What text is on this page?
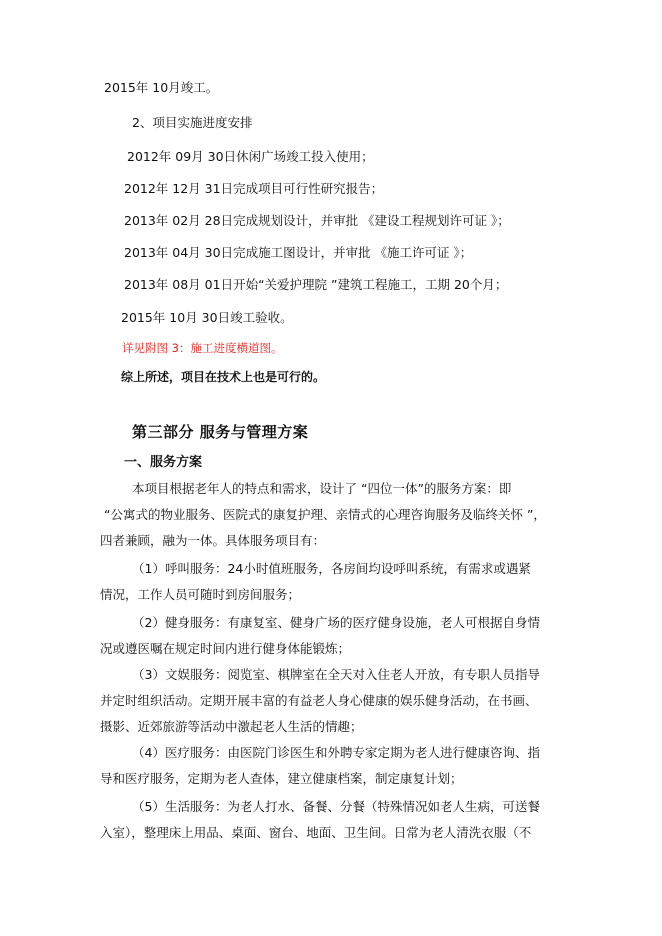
2015年 10月竣工。
2、项目实施进度安排
2012年 09月 30日休闲广场竣工投入使用；
2012年 12月 31日完成项目可行性研究报告；
2013年 02月 28日完成规划设计，并审批 《建设工程规划许可证 》；
2013年 04月 30日完成施工图设计，并审批 《施工许可证 》；
2013年 08月 01日开始“关爱护理院 ”建筑工程施工，工期 20个月；
2015年 10月 30日竣工验收。
详见附图 3：施工进度横道图。
综上所述，项目在技术上也是可行的。
第三部分 服务与管理方案
一、服务方案
本项目根据老年人的特点和需求，设计了 “四位一体”的服务方案：即
“公寓式的物业服务、医院式的康复护理、亲情式的心理咨询服务及临终关怀 ”，
四者兼顾，融为一体。具体服务项目有：
（1）呼叫服务：24小时值班服务，各房间均设呼叫系统，有需求或遇紧
情况，工作人员可随时到房间服务；
（2）健身服务：有康复室、健身广场的医疗健身设施，老人可根据自身情
况或遵医嘱在规定时间内进行健身体能锻炼；
（3）文娱服务：阅览室、棋牌室在全天对入住老人开放，有专职人员指导
并定时组织活动。定期开展丰富的有益老人身心健康的娱乐健身活动，在书画、
摄影、近郊旅游等活动中激起老人生活的情趣；
（4）医疗服务：由医院门诊医生和外聘专家定期为老人进行健康咨询、指
导和医疗服务，定期为老人查体，建立健康档案，制定康复计划；
（5）生活服务：为老人打水、备餐、分餐（特殊情况如老人生病，可送餐
入室），整理床上用品、桌面、窗台、地面、卫生间。日常为老人清洗衣服（不
